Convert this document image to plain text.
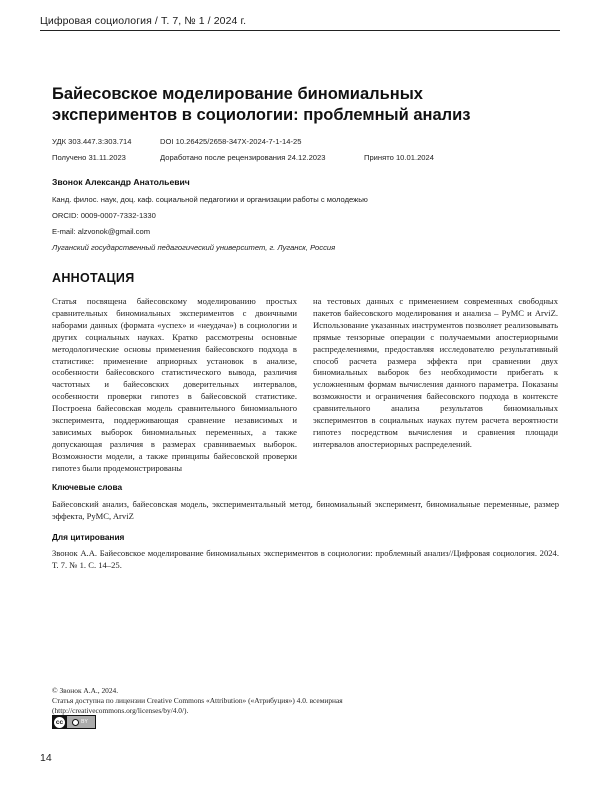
Цифровая социология / Т. 7, № 1 / 2024 г.
Байесовское моделирование биномиальных
экспериментов в социологии: проблемный анализ
УДК 303.447.3:303.714	DOI 10.26425/2658-347X-2024-7-1-14-25
Получено 31.11.2023	Доработано после рецензирования 24.12.2023	Принято 10.01.2024
Звонок Александр Анатольевич
Канд. филос. наук, доц. каф. социальной педагогики и организации работы с молодежью
ORCID: 0009-0007-7332-1330
E-mail: alzvonok@gmail.com
Луганский государственный педагогический университет, г. Луганск, Россия
АННОТАЦИЯ
Статья посвящена байесовскому моделированию простых сравнительных биномиальных экспериментов с двоичными наборами данных (формата «успех» и «неудача») в социологии и других социальных науках. Кратко рассмотрены основные методологические основы применения байесовского подхода в статистике: применение априорных установок в анализе, особенности байесовского статистического вывода, различия частотных и байесовских доверительных интервалов, особенности проверки гипотез в байесовской статистике. Построена байесовская модель сравнительного биномиального эксперимента, поддерживающая сравнение независимых и зависимых выборок биномиальных переменных, а также допускающая различия в размерах сравниваемых выборок. Возможности модели, а также принципы байесовской проверки гипотез были продемонстрированы
на тестовых данных с применением современных свободных пакетов байесовского моделирования и анализа – PyMC и ArviZ. Использование указанных инструментов позволяет реализовывать прямые тензорные операции с получаемыми апостериорными распределениями, предоставляя исследователю результативный способ расчета размера эффекта при сравнении двух биномиальных выборок без необходимости прибегать к усложненным формам вычисления данного параметра. Показаны возможности и ограничения байесовского подхода в контексте сравнительного анализа результатов биномиальных экспериментов в социальных науках путем расчета вероятности гипотез посредством вычисления и сравнения площади интервалов апостериорных распределений.
Ключевые слова
Байесовский анализ, байесовская модель, экспериментальный метод, биномиальный эксперимент, биномиальные переменные, размер эффекта, PyMC, ArviZ
Для цитирования
Звонок А.А. Байесовское моделирование биномиальных экспериментов в социологии: проблемный анализ//Цифровая социология. 2024. Т. 7. № 1. С. 14–25.
© Звонок А.А., 2024.
Статья доступна по лицензии Creative Commons «Attribution» («Атрибуция») 4.0. всемирная
(http://creativecommons.org/licenses/by/4.0/).
cc	BY
14
